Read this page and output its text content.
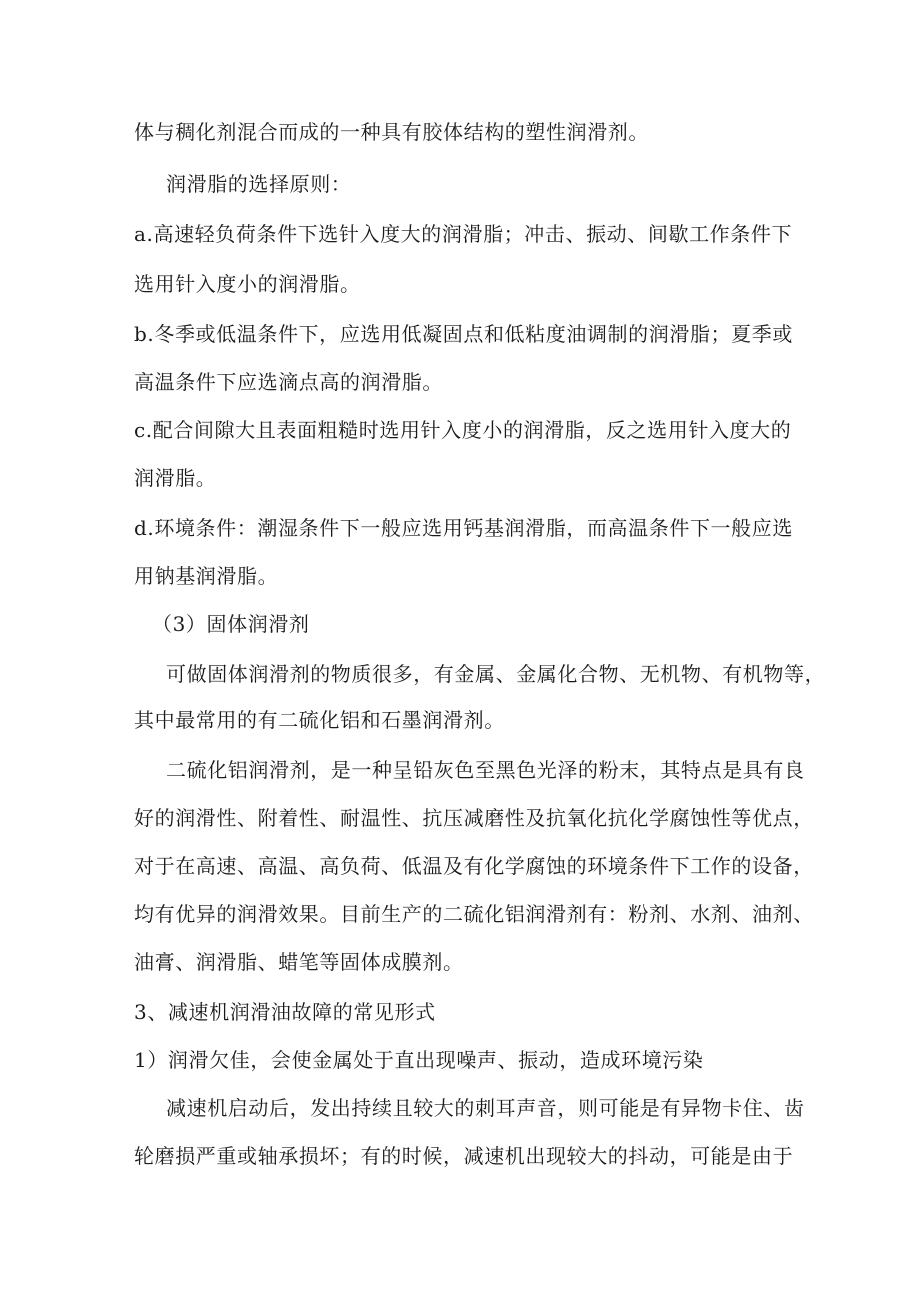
体与稠化剂混合而成的一种具有胶体结构的塑性润滑剂。
润滑脂的选择原则：
a.高速轻负荷条件下选针入度大的润滑脂；冲击、振动、间歇工作条件下
选用针入度小的润滑脂。
b.冬季或低温条件下，应选用低凝固点和低粘度油调制的润滑脂；夏季或
高温条件下应选滴点高的润滑脂。
c.配合间隙大且表面粗糙时选用针入度小的润滑脂，反之选用针入度大的
润滑脂。
d.环境条件：潮湿条件下一般应选用钙基润滑脂，而高温条件下一般应选
用钠基润滑脂。
（3）固体润滑剂
可做固体润滑剂的物质很多，有金属、金属化合物、无机物、有机物等，
其中最常用的有二硫化铝和石墨润滑剂。
二硫化铝润滑剂，是一种呈铅灰色至黑色光泽的粉末，其特点是具有良
好的润滑性、附着性、耐温性、抗压减磨性及抗氧化抗化学腐蚀性等优点，
对于在高速、高温、高负荷、低温及有化学腐蚀的环境条件下工作的设备，
均有优异的润滑效果。目前生产的二硫化铝润滑剂有：粉剂、水剂、油剂、
油膏、润滑脂、蜡笔等固体成膜剂。
3、减速机润滑油故障的常见形式
1）润滑欠佳，会使金属处于直出现噪声、振动，造成环境污染
减速机启动后，发出持续且较大的刺耳声音，则可能是有异物卡住、齿
轮磨损严重或轴承损坏；有的时候，减速机出现较大的抖动，可能是由于
